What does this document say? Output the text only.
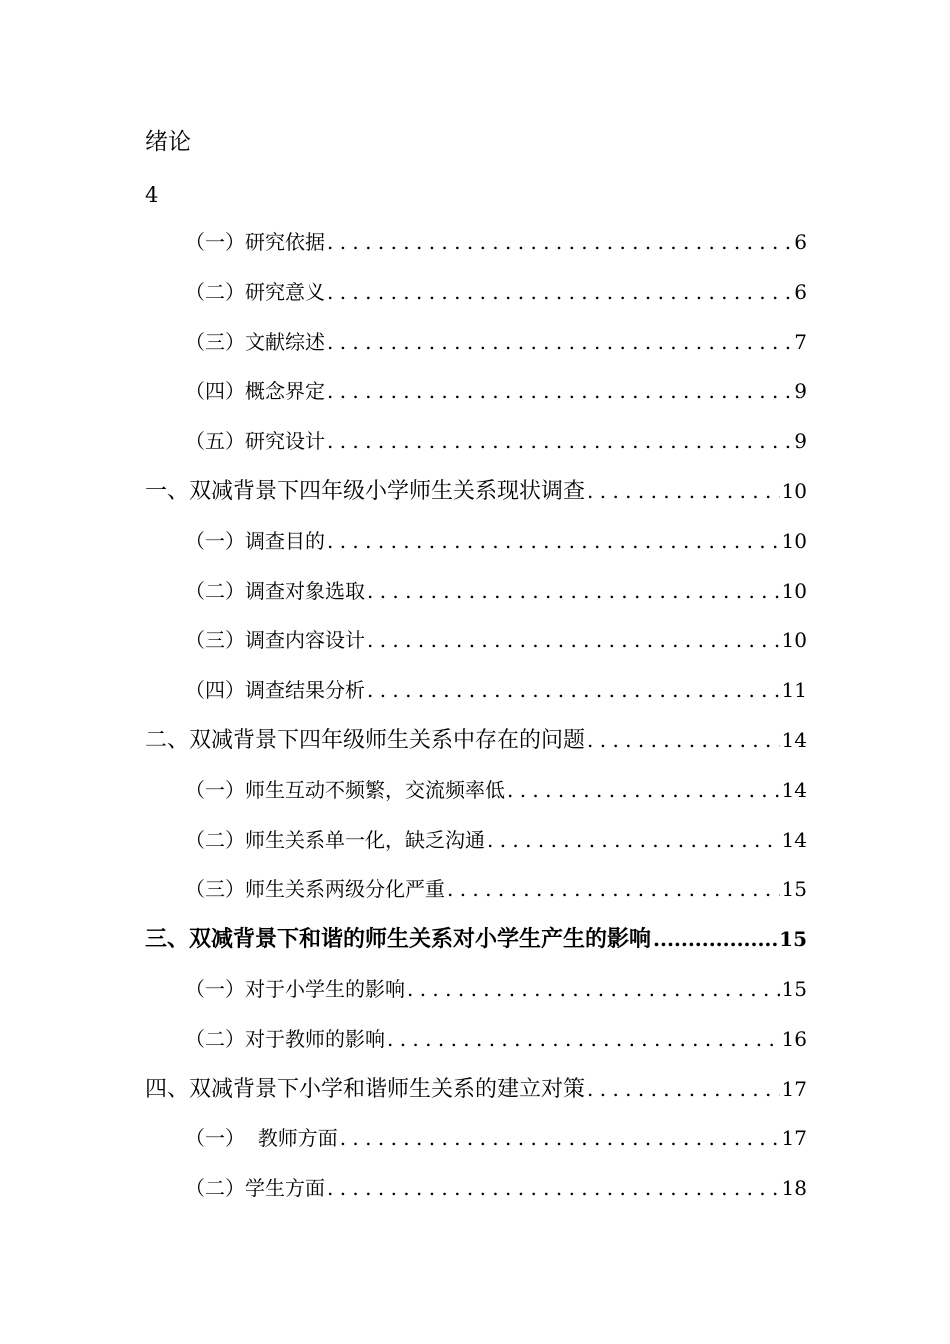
绪论
4
（一）研究依据 . . .	6
（二）研究意义 . . .	6
（三）文献综述 . . .	7
（四）概念界定 . . .	9
（五）研究设计 . . .	9
一、双减背景下四年级小学师生关系现状调查 . . .	10
（一）调查目的 . . .	10
（二）调查对象选取 . . .	10
（三）调查内容设计 . . .	10
（四）调查结果分析 . . .	11
二、双减背景下四年级师生关系中存在的问题 . . .	14
（一）师生互动不频繁，交流频率低 . . .	14
（二）师生关系单一化，缺乏沟通 . . .	14
（三）师生关系两级分化严重 . . .	15
三、双减背景下和谐的师生关系对小学生产生的影响 .....	15
（一）对于小学生的影响 . . .	15
（二）对于教师的影响 . . .	16
四、双减背景下小学和谐师生关系的建立对策 . . .	17
（一）  教师方面 . . .	17
（二）学生方面 . . .	18
